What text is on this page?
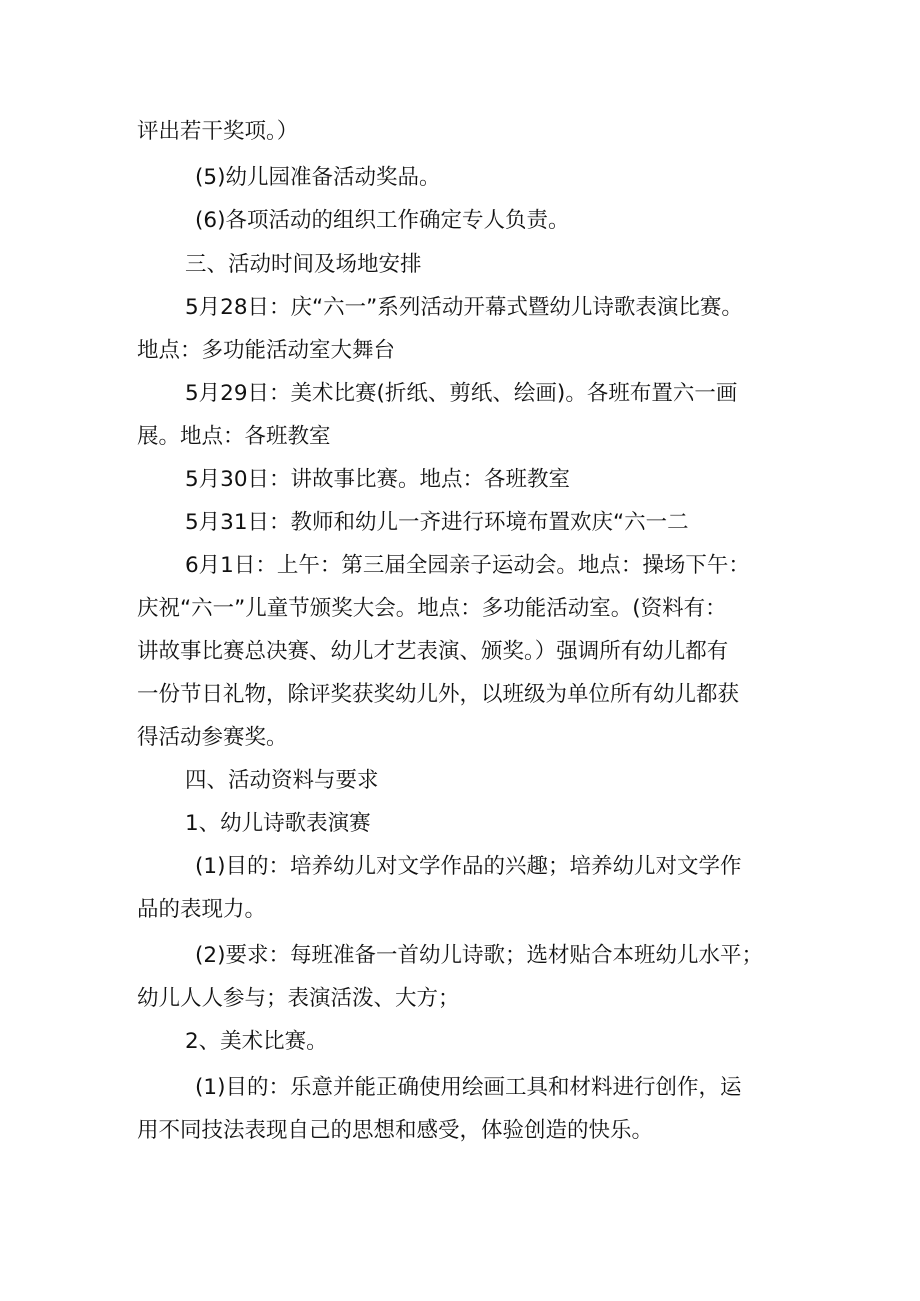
评出若干奖项。）

(5)幼儿园准备活动奖品。

(6)各项活动的组织工作确定专人负责。

三、活动时间及场地安排

5月28日：庆“六一”系列活动开幕式暨幼儿诗歌表演比赛。

地点：多功能活动室大舞台

5月29日：美术比赛(折纸、剪纸、绘画)。各班布置六一画

展。地点：各班教室

5月30日：讲故事比赛。地点：各班教室

5月31日：教师和幼儿一齐进行环境布置欢庆“六一二

6月1日：上午：第三届全园亲子运动会。地点：操场下午：

庆祝“六一”儿童节颁奖大会。地点：多功能活动室。(资料有：

讲故事比赛总决赛、幼儿才艺表演、颁奖。）强调所有幼儿都有

一份节日礼物，除评奖获奖幼儿外，以班级为单位所有幼儿都获

得活动参赛奖。

四、活动资料与要求

1、幼儿诗歌表演赛

(1)目的：培养幼儿对文学作品的兴趣；培养幼儿对文学作

品的表现力。

(2)要求：每班准备一首幼儿诗歌；选材贴合本班幼儿水平；

幼儿人人参与；表演活泼、大方；

2、美术比赛。

(1)目的：乐意并能正确使用绘画工具和材料进行创作，运

用不同技法表现自己的思想和感受，体验创造的快乐。
